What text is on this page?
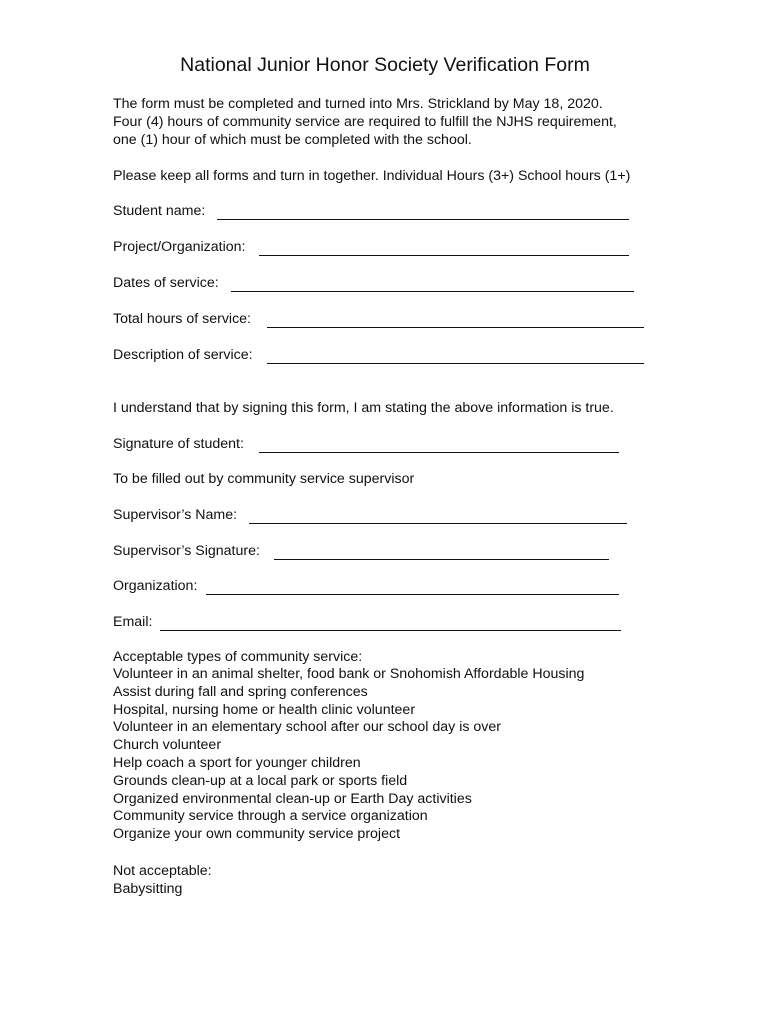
National Junior Honor Society Verification Form
The form must be completed and turned into Mrs. Strickland by May 18, 2020.
Four (4) hours of community service are required to fulfill the NJHS requirement,
one (1) hour of which must be completed with the school.
Please keep all forms and turn in together. Individual Hours (3+) School hours (1+)
Student name:
Project/Organization:
Dates of service:
Total hours of service:
Description of service:
I understand that by signing this form, I am stating the above information is true.
Signature of student:
To be filled out by community service supervisor
Supervisor’s Name:
Supervisor’s Signature:
Organization:
Email:
Acceptable types of community service:
Volunteer in an animal shelter, food bank or Snohomish Affordable Housing
Assist during fall and spring conferences
Hospital, nursing home or health clinic volunteer
Volunteer in an elementary school after our school day is over
Church volunteer
Help coach a sport for younger children
Grounds clean-up at a local park or sports field
Organized environmental clean-up or Earth Day activities
Community service through a service organization
Organize your own community service project
Not acceptable:
Babysitting
